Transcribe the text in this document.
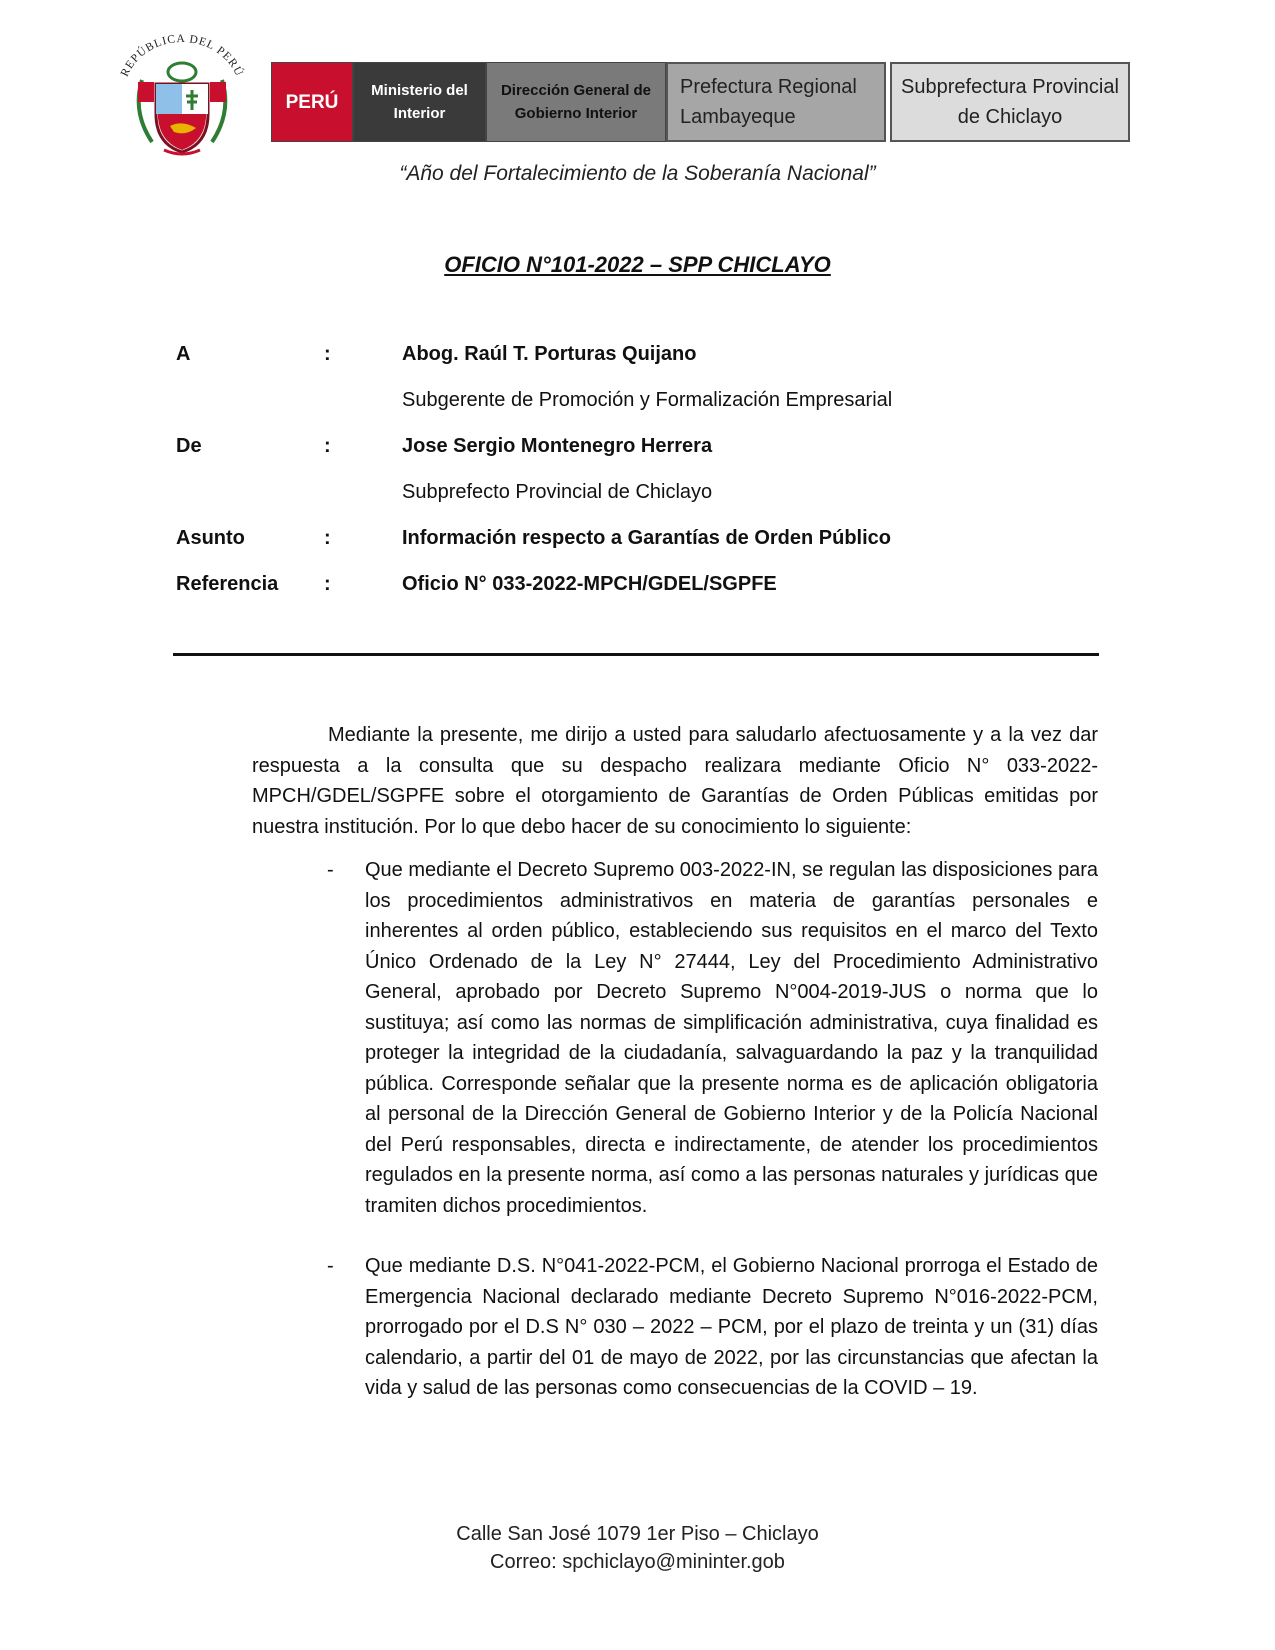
REPÚBLICA DEL PERÚ
PERÚ
Ministerio del Interior
Dirección General de Gobierno Interior
Prefectura Regional Lambayeque
Subprefectura Provincial de Chiclayo
“Año del Fortalecimiento de la Soberanía Nacional”
OFICIO N°101-2022 – SPP CHICLAYO
A	:	Abog. Raúl T. Porturas Quijano
Subgerente de Promoción y Formalización Empresarial
De	:	Jose Sergio Montenegro Herrera
Subprefecto Provincial de Chiclayo
Asunto	:	Información respecto a Garantías de Orden Público
Referencia :	Oficio N° 033-2022-MPCH/GDEL/SGPFE

Mediante la presente, me dirijo a usted para saludarlo afectuosamente y a la vez dar respuesta a la consulta que su despacho realizara mediante Oficio N° 033-2022-MPCH/GDEL/SGPFE sobre el otorgamiento de Garantías de Orden Públicas emitidas por nuestra institución. Por lo que debo hacer de su conocimiento lo siguiente:

- Que mediante el Decreto Supremo 003-2022-IN, se regulan las disposiciones para los procedimientos administrativos en materia de garantías personales e inherentes al orden público, estableciendo sus requisitos en el marco del Texto Único Ordenado de la Ley N° 27444, Ley del Procedimiento Administrativo General, aprobado por Decreto Supremo N°004-2019-JUS o norma que lo sustituya; así como las normas de simplificación administrativa, cuya finalidad es proteger la integridad de la ciudadanía, salvaguardando la paz y la tranquilidad pública. Corresponde señalar que la presente norma es de aplicación obligatoria al personal de la Dirección General de Gobierno Interior y de la Policía Nacional del Perú responsables, directa e indirectamente, de atender los procedimientos regulados en la presente norma, así como a las personas naturales y jurídicas que tramiten dichos procedimientos.
- Que mediante D.S. N°041-2022-PCM, el Gobierno Nacional prorroga el Estado de Emergencia Nacional declarado mediante Decreto Supremo N°016-2022-PCM, prorrogado por el D.S N° 030 – 2022 – PCM, por el plazo de treinta y un (31) días calendario, a partir del 01 de mayo de 2022, por las circunstancias que afectan la vida y salud de las personas como consecuencias de la COVID – 19.
Calle San José 1079 1er Piso – Chiclayo
Correo: spchiclayo@mininter.gob
